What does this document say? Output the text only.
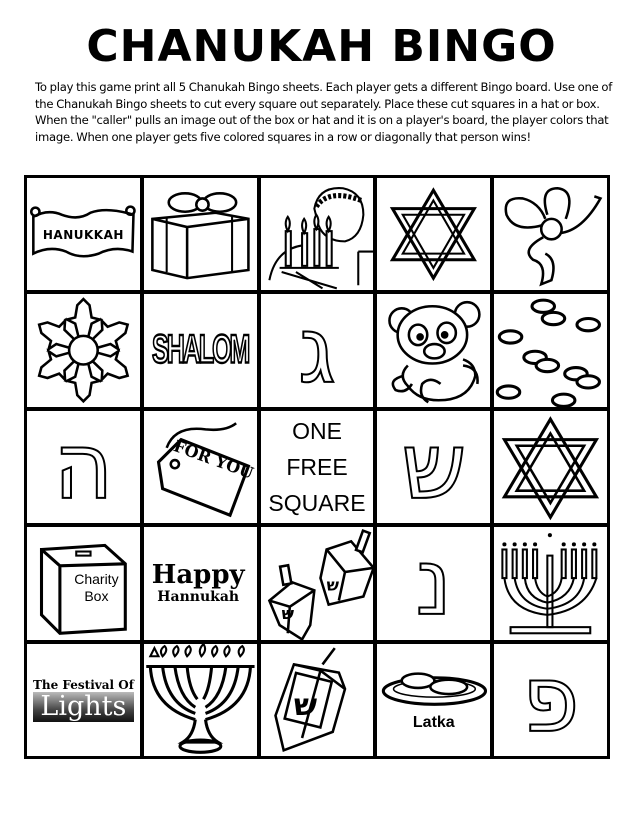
CHANUKAH BINGO
To play this game print all 5 Chanukah Bingo sheets. Each player gets a different Bingo board. Use one of the Chanukah Bingo sheets to cut every square out separately. Place these cut squares in a hat or box. When the "caller" pulls an image out of the box or hat and it is on a player's board, the player colors that image. When one player gets five colored squares in a row or diagonally that person wins!
HANUKKAH
SHALOM ג
ה	FOR YOU
ONE
FREE
SQUARE ש
Charity
Box
Happy
Hannukah
ש
ש נ
The Festival Of
Lights	ש	Latka פ
